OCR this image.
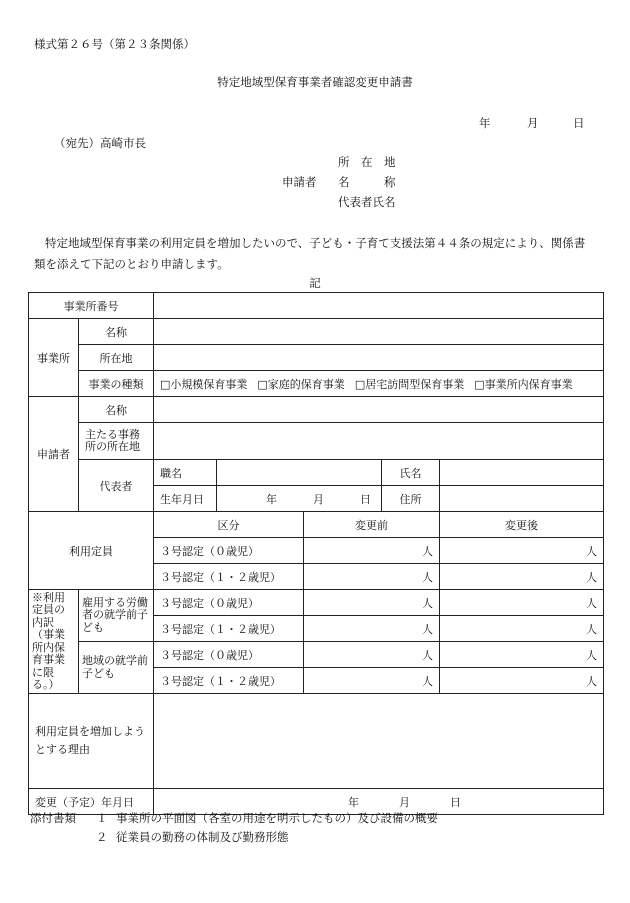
様式第２６号（第２３条関係）
特定地域型保育事業者確認変更申請書
年	月	日
（宛先）高崎市長
所　在　地
申請者 名　　　称
代表者氏名
特定地域型保育事業の利用定員を増加したいので、子ども・子育て支援法第４４条の規定により、関係書
類を添えて下記のとおり申請します。
記
事業所番号						
事業所	名称					
	所在地					
	事業の種類	□小規模保育事業 □家庭的保育事業 □居宅訪問型保育事業 □事業所内保育事業				
申請者	名称					
	主たる事務所の所在地					
	代表者	職名			氏名	
		生年月日	年 月 日		住所	
利用定員		区分		変更前		変更後
		３号認定（０歳児）		人		人
		３号認定（１・２歳児）		人		人
※利用定員の内訳（事業所内保育事業に限る。）	雇用する労働者の就学前子ども	３号認定（０歳児）		人		人
		３号認定（１・２歳児）		人		人
	地域の就学前子ども	３号認定（０歳児）		人		人
		３号認定（１・２歳児）		人		人
利用定員を増加しようとする理由						
変更（予定）年月日		年 月 日				
添付書類 １ 事業所の平面図（各室の用途を明示したもの）及び設備の概要
２ 従業員の勤務の体制及び勤務形態
